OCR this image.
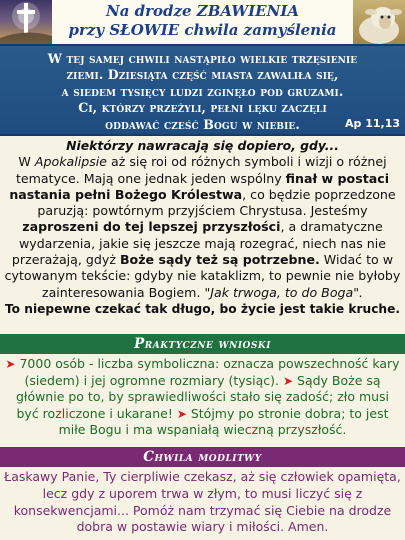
Na drodze ZBAWIENIA
przy SŁOWIE chwila zamyślenia
W tej samej chwili nastąpiło wielkie trzęsienie
ziemi. Dziesiąta część miasta zawaliła się,
a siedem tysięcy ludzi zginęło pod gruzami.
Ci, którzy przeżyli, pełni lęku zaczęli
oddawać cześć Bogu w niebie.	Ap 11,13
Niektórzy nawracają się dopiero, gdy...
W Apokalipsie aż się roi od różnych symboli i wizji o różnej tematyce. Mają one jednak jeden wspólny finał w postaci nastania pełni Bożego Królestwa, co będzie poprzedzone paruzją: powtórnym przyjściem Chrystusa. Jesteśmy zaproszeni do tej lepszej przyszłości, a dramatyczne wydarzenia, jakie się jeszcze mają rozegrać, niech nas nie przerażają, gdyż Boże sądy też są potrzebne. Widać to w cytowanym tekście: gdyby nie kataklizm, to pewnie nie byłoby zainteresowania Bogiem. "Jak trwoga, to do Boga".
To niepewne czekać tak długo, bo życie jest takie kruche.
Praktyczne wnioski
➤ 7000 osób - liczba symboliczna: oznacza powszechność kary (siedem) i jej ogromne rozmiary (tysiąc). ➤ Sądy Boże są głównie po to, by sprawiedliwości stało się zadość; zło musi być rozliczone i ukarane! ➤ Stójmy po stronie dobra; to jest miłe Bogu i ma wspaniałą wieczną przyszłość.
Chwila modlitwy
Łaskawy Panie, Ty cierpliwie czekasz, aż się człowiek opamięta, lecz gdy z uporem trwa w złym, to musi liczyć się z konsekwencjami... Pomóż nam trzymać się Ciebie na drodze dobra w postawie wiary i miłości. Amen.
